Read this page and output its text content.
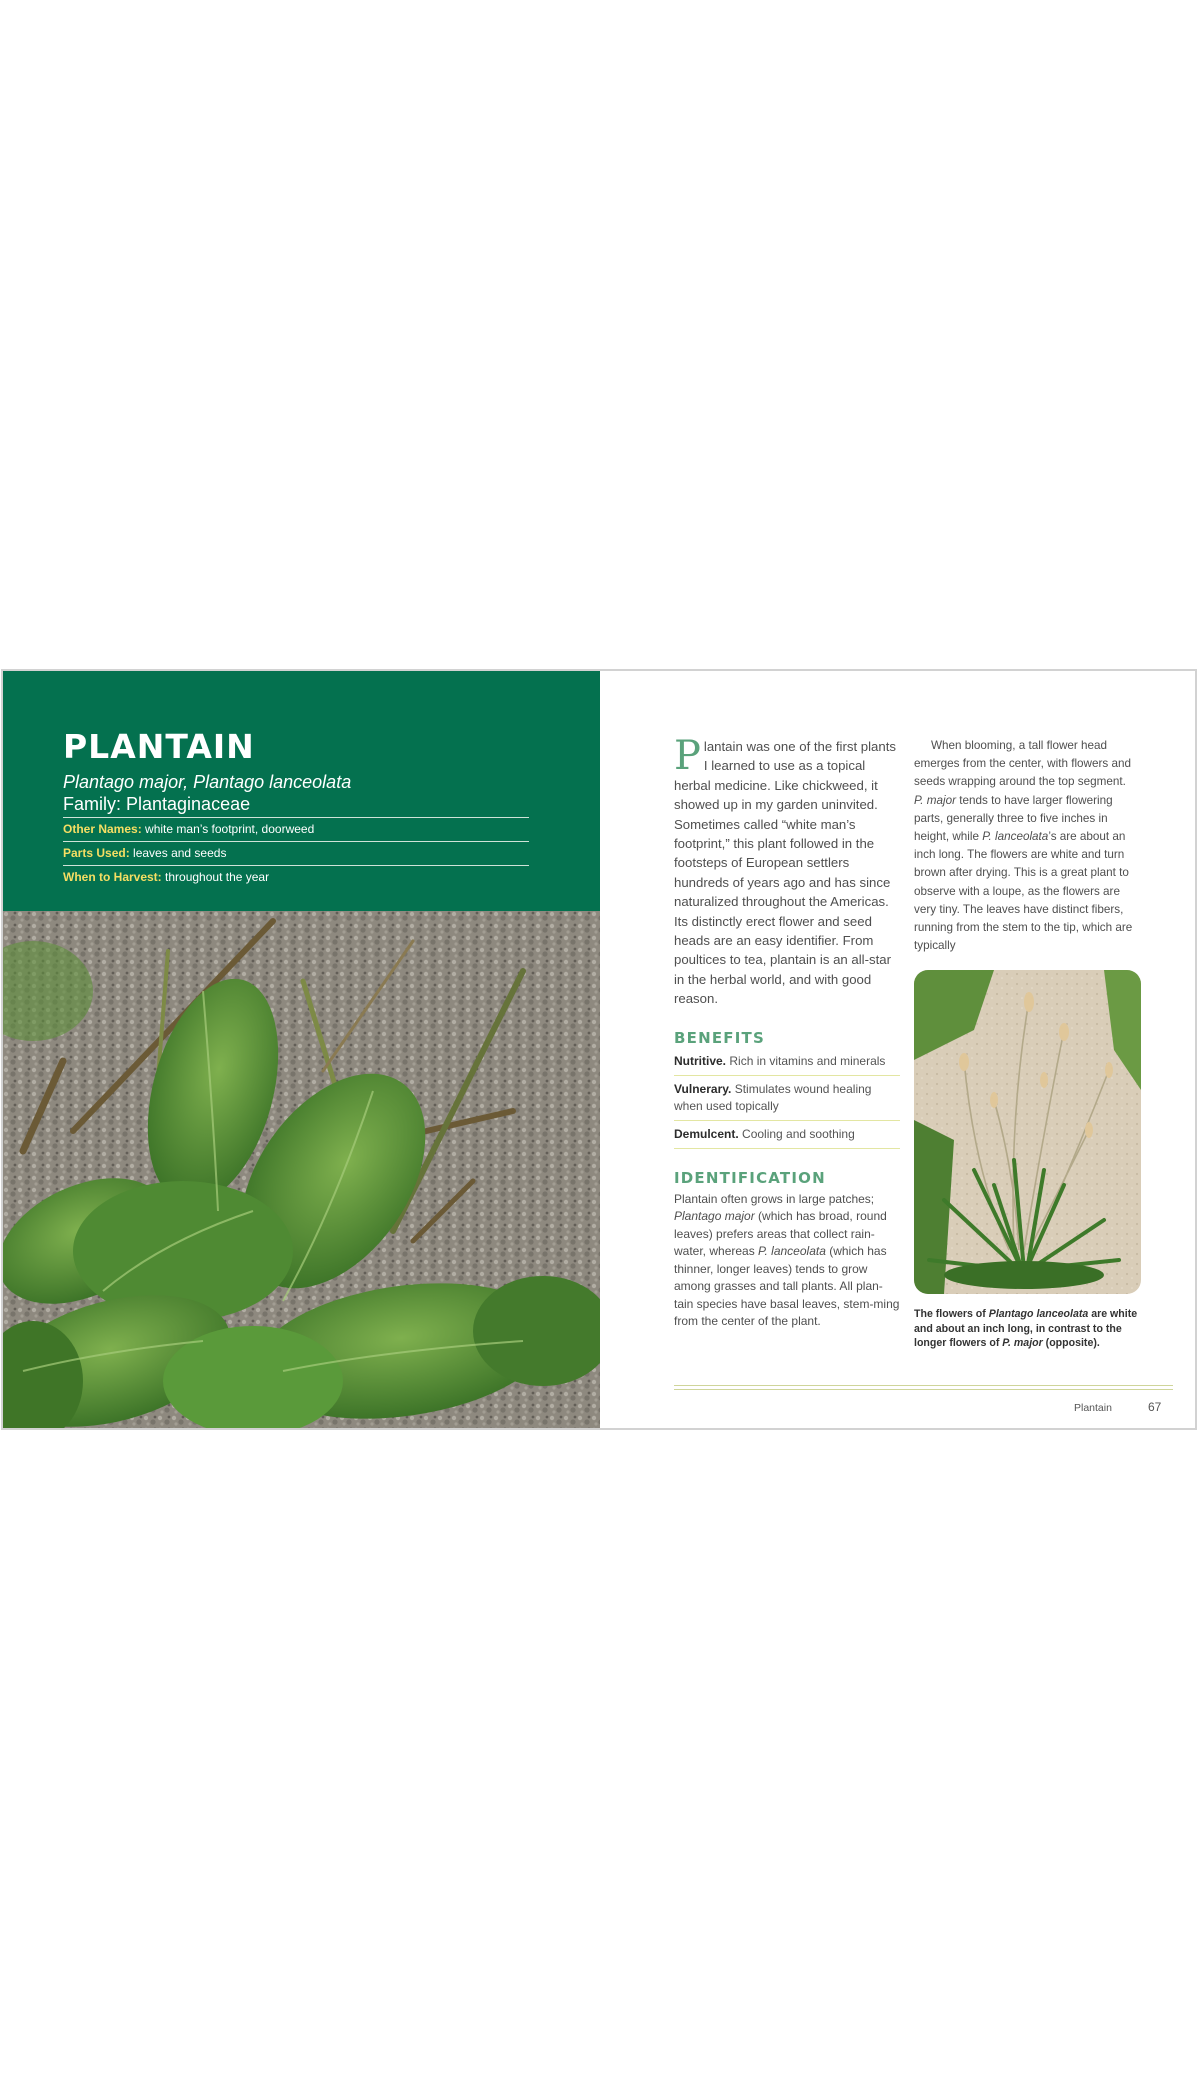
PLANTAIN
Plantago major, Plantago lanceolata
Family: Plantaginaceae
Other Names: white man’s footprint, doorweed
Parts Used: leaves and seeds
When to Harvest: throughout the year

Plantain was one of the first plants I learned to use as a topical herbal medicine. Like chickweed, it showed up in my garden uninvited. Sometimes called “white man’s footprint,” this plant followed in the footsteps of European settlers hundreds of years ago and has since naturalized throughout the Americas. Its distinctly erect flower and seed heads are an easy identifier. From poultices to tea, plantain is an all-star in the herbal world, and with good reason.

BENEFITS
Nutritive. Rich in vitamins and minerals
Vulnerary. Stimulates wound healing when used topically
Demulcent. Cooling and soothing
IDENTIFICATION

Plantain often grows in large patches; Plantago major (which has broad, round leaves) prefers areas that collect rain-water, whereas P. lanceolata (which has thinner, longer leaves) tends to grow among grasses and tall plants. All plan-tain species have basal leaves, stem-ming from the center of the plant.

When blooming, a tall flower head emerges from the center, with flowers and seeds wrapping around the top segment. P. major tends to have larger flowering parts, generally three to five inches in height, while P. lanceolata’s are about an inch long. The flowers are white and turn brown after drying. This is a great plant to observe with a loupe, as the flowers are very tiny. The leaves have distinct fibers, running from the stem to the tip, which are typically

The flowers of Plantago lanceolata are white and about an inch long, in contrast to the longer flowers of P. major (opposite).

Plantain	67
